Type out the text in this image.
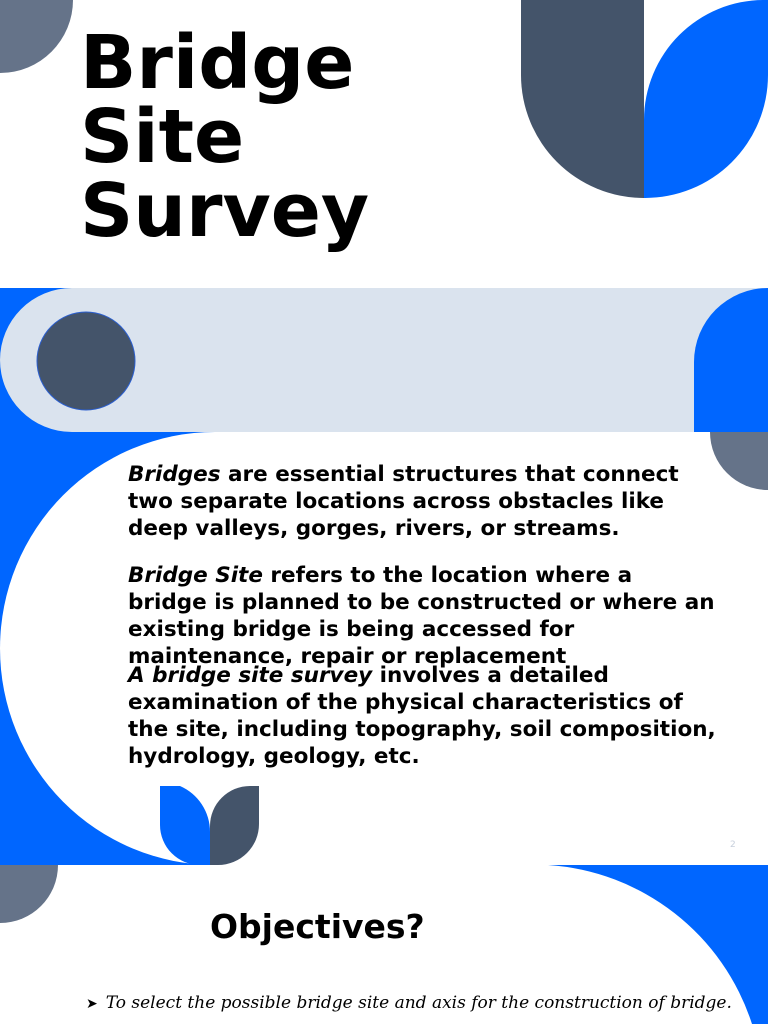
Bridge
Site
Survey
Bridges are essential structures that connect two separate locations across obstacles like deep valleys, gorges, rivers, or streams.
Bridge Site refers to the location where a bridge is planned to be constructed or where an existing bridge is being accessed for maintenance, repair or replacement
A bridge site survey involves a detailed examination of the physical characteristics of the site, including topography, soil composition, hydrology, geology, etc.
2
Objectives?
➤ To select the possible bridge site and axis for the construction of bridge.
